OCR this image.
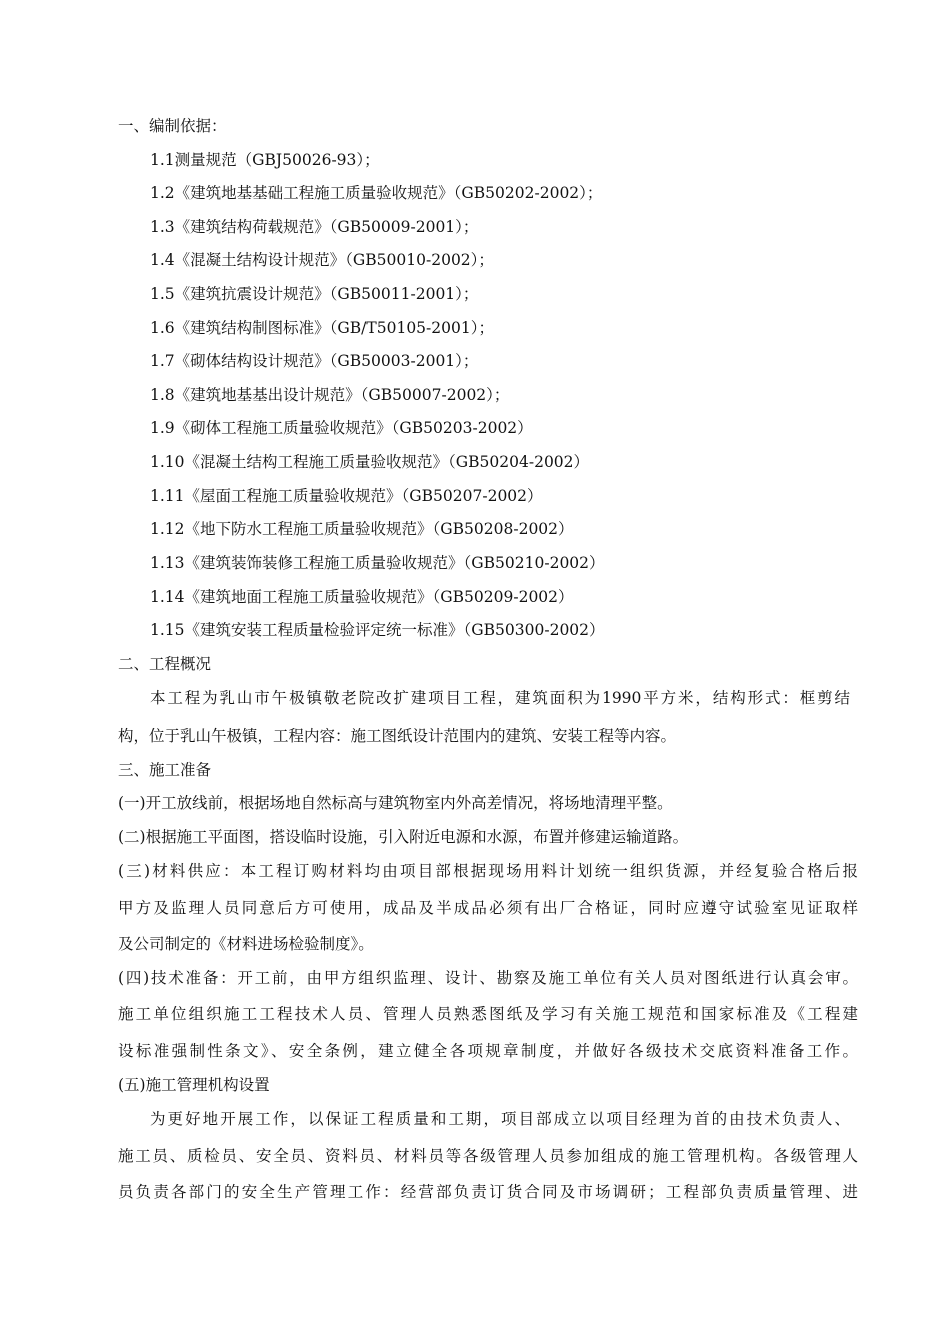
一、编制依据：
1.1测量规范（GBJ50026-93）；
1.2《建筑地基基础工程施工质量验收规范》（GB50202-2002）；
1.3《建筑结构荷载规范》（GB50009-2001）；
1.4《混凝土结构设计规范》（GB50010-2002）；
1.5《建筑抗震设计规范》（GB50011-2001）；
1.6《建筑结构制图标准》（GB/T50105-2001）；
1.7《砌体结构设计规范》（GB50003-2001）；
1.8《建筑地基基出设计规范》（GB50007-2002）；
1.9《砌体工程施工质量验收规范》（GB50203-2002）
1.10《混凝土结构工程施工质量验收规范》（GB50204-2002）
1.11《屋面工程施工质量验收规范》（GB50207-2002）
1.12《地下防水工程施工质量验收规范》（GB50208-2002）
1.13《建筑装饰装修工程施工质量验收规范》（GB50210-2002）
1.14《建筑地面工程施工质量验收规范》（GB50209-2002）
1.15《建筑安装工程质量检验评定统一标准》（GB50300-2002）
二、工程概况
本工程为乳山市午极镇敬老院改扩建项目工程，建筑面积为1990平方米，结构形式：框剪结
构，位于乳山午极镇，工程内容：施工图纸设计范围内的建筑、安装工程等内容。
三、施工准备
(一)开工放线前，根据场地自然标高与建筑物室内外高差情况，将场地清理平整。
(二)根据施工平面图，搭设临时设施，引入附近电源和水源，布置并修建运输道路。
(三)材料供应：本工程订购材料均由项目部根据现场用料计划统一组织货源，并经复验合格后报
甲方及监理人员同意后方可使用，成品及半成品必须有出厂合格证，同时应遵守试验室见证取样
及公司制定的《材料进场检验制度》。
(四)技术准备：开工前，由甲方组织监理、设计、勘察及施工单位有关人员对图纸进行认真会审。
施工单位组织施工工程技术人员、管理人员熟悉图纸及学习有关施工规范和国家标准及《工程建
设标准强制性条文》、安全条例，建立健全各项规章制度，并做好各级技术交底资料准备工作。
(五)施工管理机构设置
为更好地开展工作，以保证工程质量和工期，项目部成立以项目经理为首的由技术负责人、
施工员、质检员、安全员、资料员、材料员等各级管理人员参加组成的施工管理机构。各级管理人
员负责各部门的安全生产管理工作：经营部负责订货合同及市场调研；工程部负责质量管理、进
